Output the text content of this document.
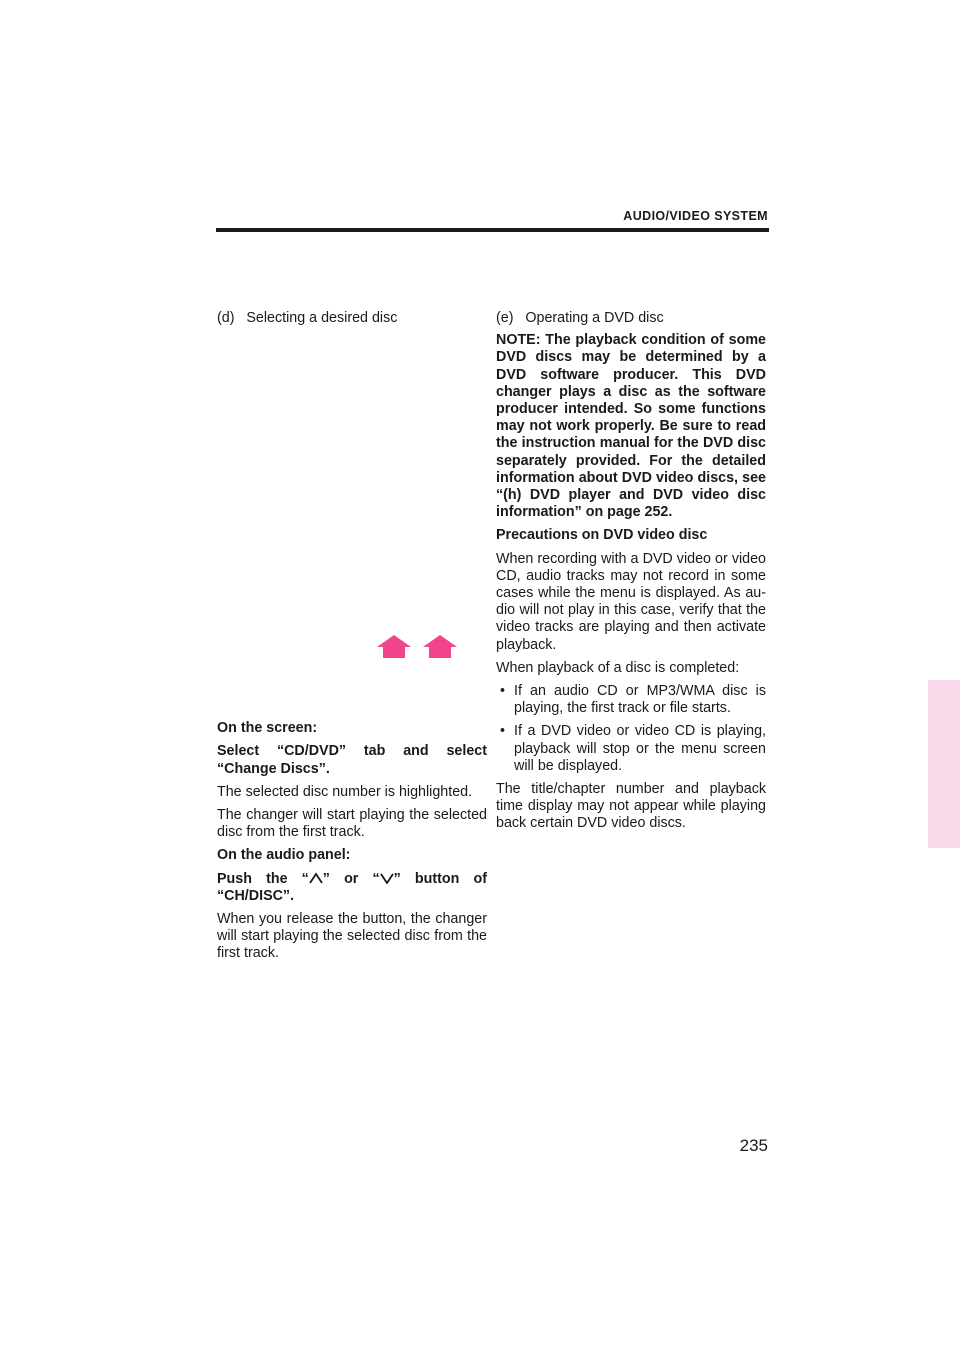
AUDIO/VIDEO SYSTEM
(d)   Selecting a desired disc
On the screen:
Select “CD/DVD” tab and select “Change Discs”.
The selected disc number is highlighted.
The changer will start playing the selected disc from the first track.
On the audio panel:
Push the “ ” or “ ” button of “CH/DISC”.
When you release the button, the changer will start playing the selected disc from the first track.
(e)   Operating a DVD disc
NOTE: The playback condition of some DVD discs may be determined by a DVD software producer. This DVD changer plays a disc as the software producer intended. So some functions may not work properly. Be sure to read the instruction manual for the DVD disc separately provided. For the detailed information about DVD video discs, see “(h) DVD player and DVD video disc information” on page 252.
Precautions on DVD video disc
When recording with a DVD video or video CD, audio tracks may not record in some cases while the menu is displayed. As au-dio will not play in this case, verify that the video tracks are playing and then activate playback.
When playback of a disc is completed:
• If an audio CD or MP3/WMA disc is playing, the first track or file starts.
• If a DVD video or video CD is playing, playback will stop or the menu screen will be displayed.
The title/chapter number and playback time display may not appear while playing back certain DVD video discs.
235
